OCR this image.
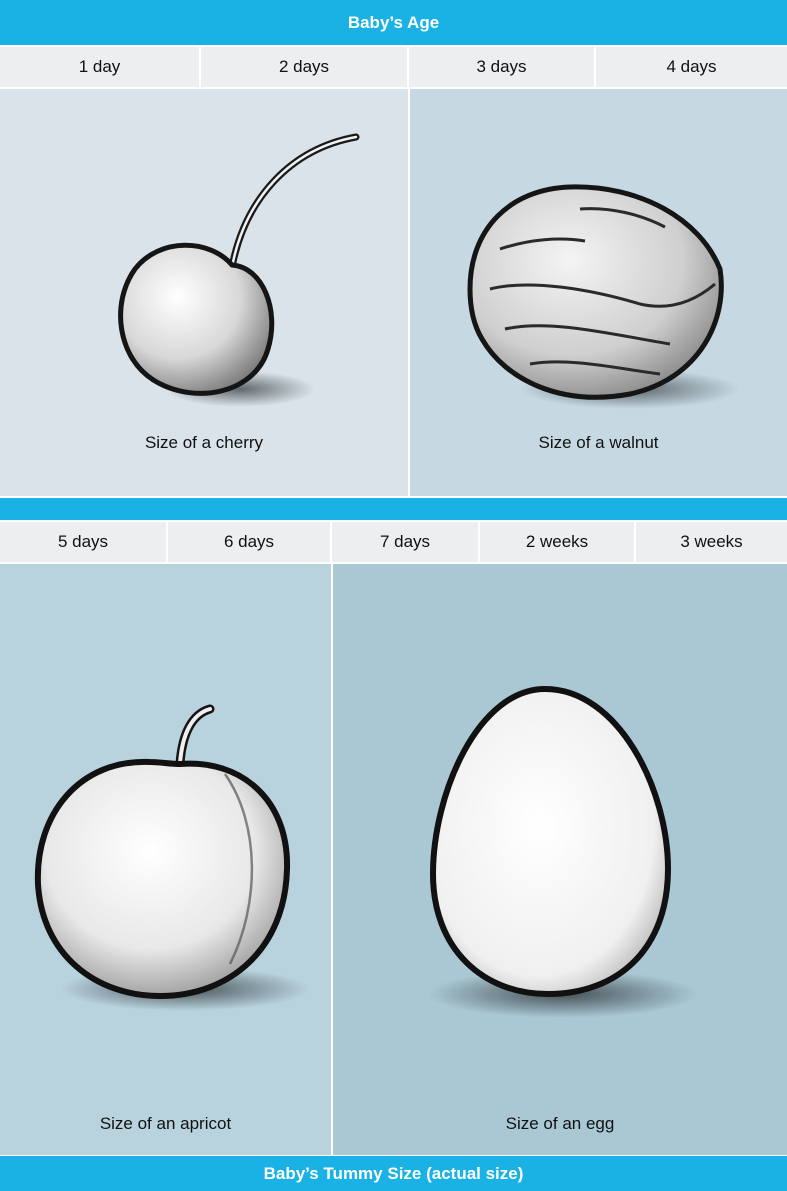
Baby’s Age
1 day	2 days	3 days	4 days
Size of a cherry	Size of a walnut
5 days	6 days	7 days	2 weeks	3 weeks
Size of an apricot	Size of an egg
Baby’s Tummy Size (actual size)
